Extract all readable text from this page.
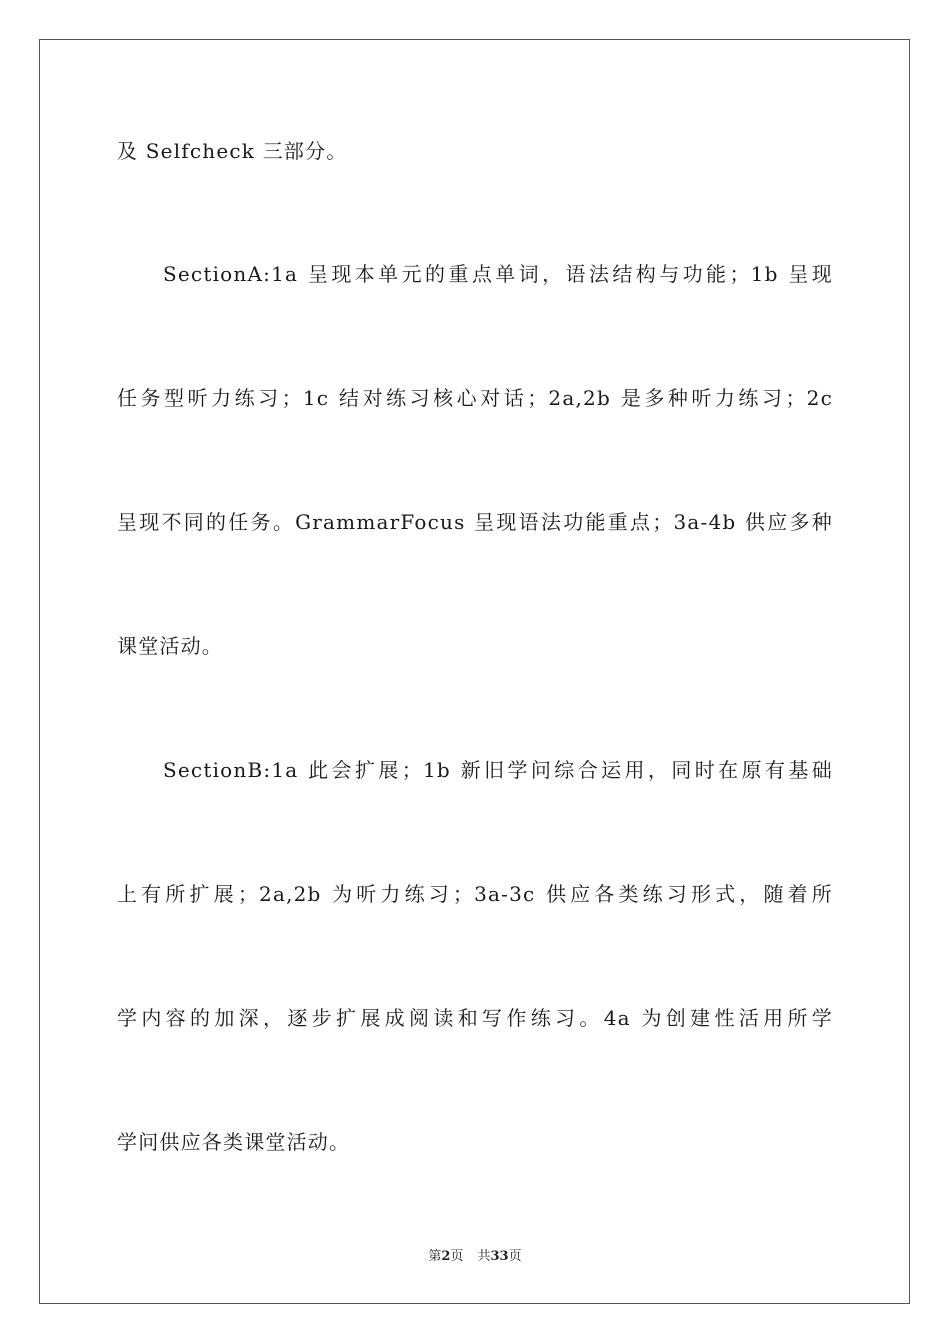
及 Selfcheck 三部分。
SectionA:1a 呈现本单元的重点单词，语法结构与功能；1b 呈现
任务型听力练习；1c 结对练习核心对话；2a,2b 是多种听力练习；2c
呈现不同的任务。GrammarFocus 呈现语法功能重点；3a-4b 供应多种
课堂活动。
SectionB:1a 此会扩展；1b 新旧学问综合运用，同时在原有基础
上有所扩展；2a,2b 为听力练习；3a-3c 供应各类练习形式，随着所
学内容的加深，逐步扩展成阅读和写作练习。4a 为创建性活用所学
学问供应各类课堂活动。
第2页 共33页
